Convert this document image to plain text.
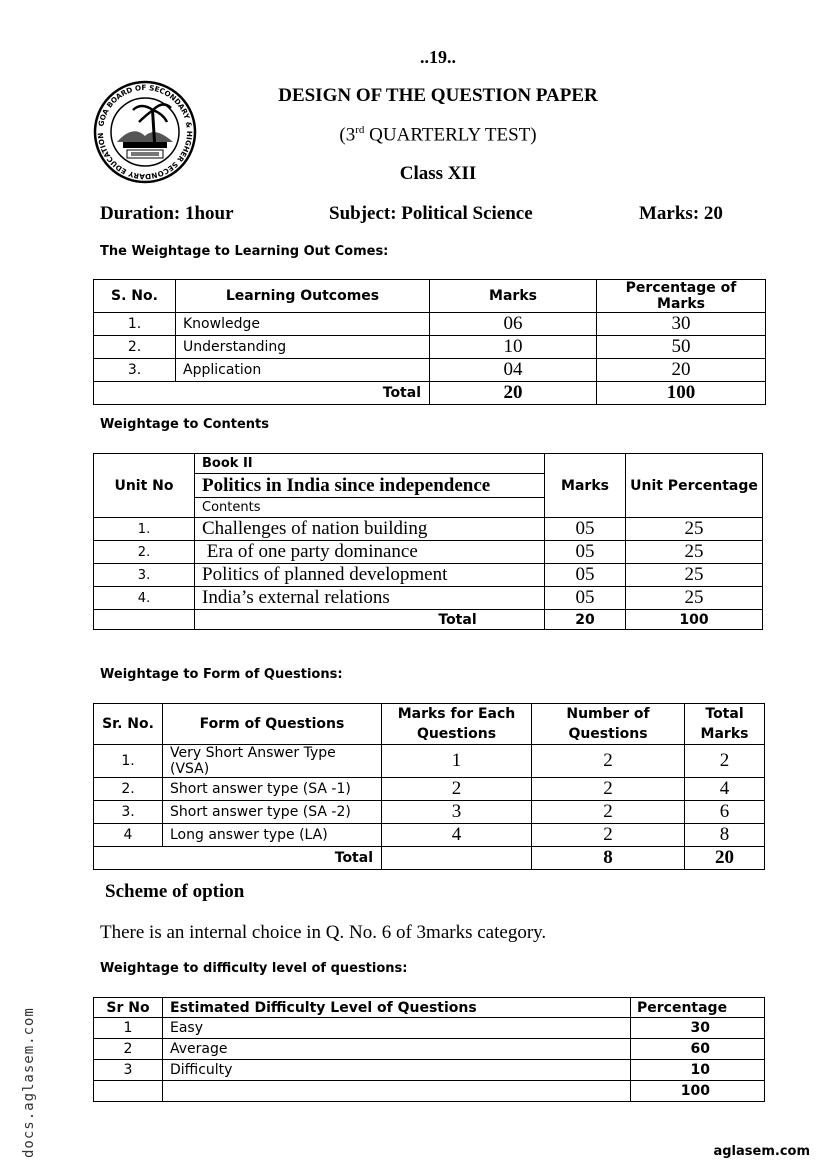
..19..
GOA BOARD OF SECONDARY & HIGHER SECONDARY EDUCATION
DESIGN OF THE QUESTION PAPER
(3rd QUARTERLY TEST)
Class XII
Duration: 1hour	Subject: Political Science	Marks: 20
The Weightage to Learning Out Comes:
S. No.	Learning Outcomes	Marks	Percentage of Marks
1.	Knowledge	06	30
2.	Understanding	10	50
3.	Application	04	20
Total		20	100
Weightage to Contents
Unit No	Book II	Marks	Unit Percentage
	Politics in India since independence		
	Contents		
1.	Challenges of nation building	05	25
2.	Era of one party dominance	05	25
3.	Politics of planned development	05	25
4.	India’s external relations	05	25
	Total	20	100
Weightage to Form of Questions:
Sr. No.	Form of Questions	Marks for Each Questions	Number of Questions	Total Marks
1.	Very Short Answer Type (VSA)	1	2	2
2.	Short answer type (SA -1)	2	2	4
3.	Short answer type (SA -2)	3	2	6
4	Long answer type (LA)	4	2	8
Total			8	20
Scheme of option
There is an internal choice in Q. No. 6 of 3marks category.
Weightage to difficulty level of questions:
Sr No	Estimated Difficulty Level of Questions	Percentage
1	Easy	30
2	Average	60
3	Difficulty	10
		100
docs.aglasem.com	aglasem.com
